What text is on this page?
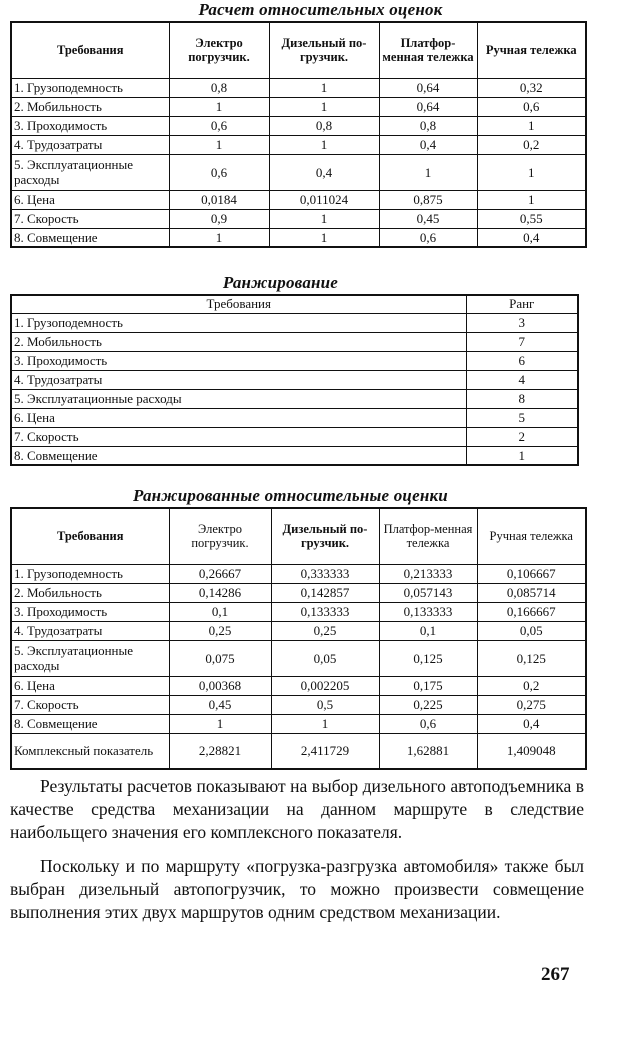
Расчет относительных оценок
Требования	Электро погрузчик.	Дизельный по-грузчик.	Платфор-менная тележка	Ручная тележка
1. Грузоподемность	0,8	1	0,64	0,32
2. Мобильность	1	1	0,64	0,6
3. Проходимость	0,6	0,8	0,8	1
4. Трудозатраты	1	1	0,4	0,2
5. Эксплуатационные расходы	0,6	0,4	1	1
6. Цена	0,0184	0,011024	0,875	1
7. Скорость	0,9	1	0,45	0,55
8. Совмещение	1	1	0,6	0,4
Ранжирование
Требования	Ранг
1. Грузоподемность	3
2. Мобильность	7
3. Проходимость	6
4. Трудозатраты	4
5. Эксплуатационные расходы	8
6. Цена	5
7. Скорость	2
8. Совмещение	1
Ранжированные относительные оценки
Требования	Электро погрузчик.	Дизельный по-грузчик.	Платфор-менная тележка	Ручная тележка
1. Грузоподемность	0,26667	0,333333	0,213333	0,106667
2. Мобильность	0,14286	0,142857	0,057143	0,085714
3. Проходимость	0,1	0,133333	0,133333	0,166667
4. Трудозатраты	0,25	0,25	0,1	0,05
5. Эксплуатационные расходы	0,075	0,05	0,125	0,125
6. Цена	0,00368	0,002205	0,175	0,2
7. Скорость	0,45	0,5	0,225	0,275
8. Совмещение	1	1	0,6	0,4
Комплексный показатель	2,28821	2,411729	1,62881	1,409048

Результаты расчетов показывают на выбор дизельного автоподъемника в качестве средства механизации на данном маршруте в следствие наибольщего значения его комплексного показателя.

Поскольку и по маршруту «погрузка-разгрузка автомобиля» также был выбран дизельный автопогрузчик, то можно произвести совмещение выполнения этих двух маршрутов одним средством механизации.

267
